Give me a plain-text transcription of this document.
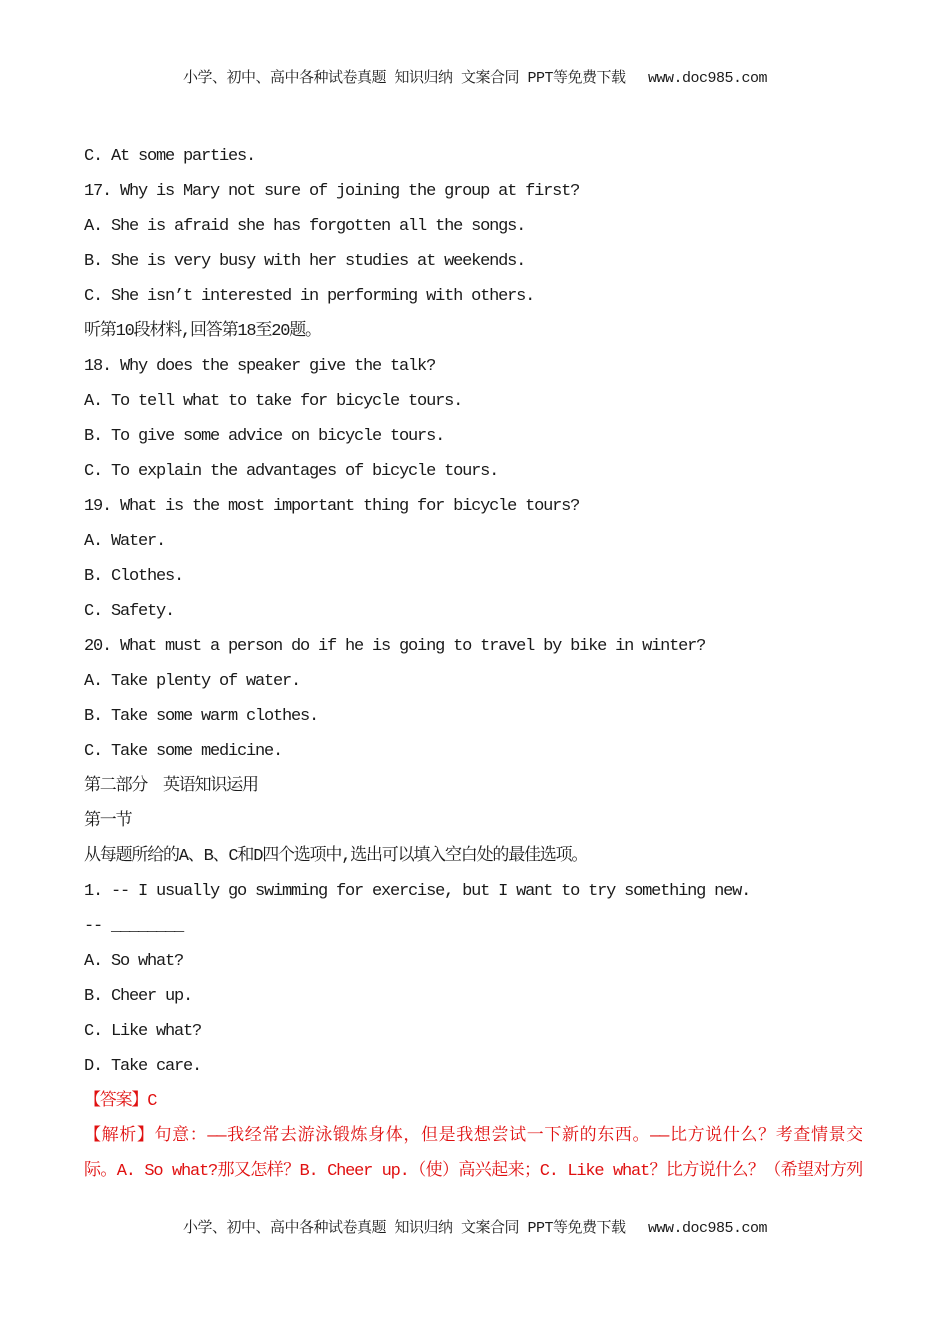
小学、初中、高中各种试卷真题 知识归纳 文案合同 PPT等免费下载 www.doc985.com
C. At some parties.
17. Why is Mary not sure of joining the group at first?
A. She is afraid she has forgotten all the songs.
B. She is very busy with her studies at weekends.
C. She isn’t interested in performing with others.
听第10段材料,回答第18至20题。
18. Why does the speaker give the talk?
A. To tell what to take for bicycle tours.
B. To give some advice on bicycle tours.
C. To explain the advantages of bicycle tours.
19. What is the most important thing for bicycle tours?
A. Water.
B. Clothes.
C. Safety.
20. What must a person do if he is going to travel by bike in winter?
A. Take plenty of water.
B. Take some warm clothes.
C. Take some medicine.
第二部分　英语知识运用
第一节
从每题所给的A、B、C和D四个选项中,选出可以填入空白处的最佳选项。
1. -- I usually go swimming for exercise, but I want to try something new.
-- ________
A. So what?
B. Cheer up.
C. Like what?
D. Take care.
【答案】C
【解析】句意：——我经常去游泳锻炼身体，但是我想尝试一下新的东西。——比方说什么？考查情景交
际。A. So what?那又怎样？B. Cheer up.（使）高兴起来；C. Like what？比方说什么？（希望对方列
小学、初中、高中各种试卷真题 知识归纳 文案合同 PPT等免费下载 www.doc985.com
